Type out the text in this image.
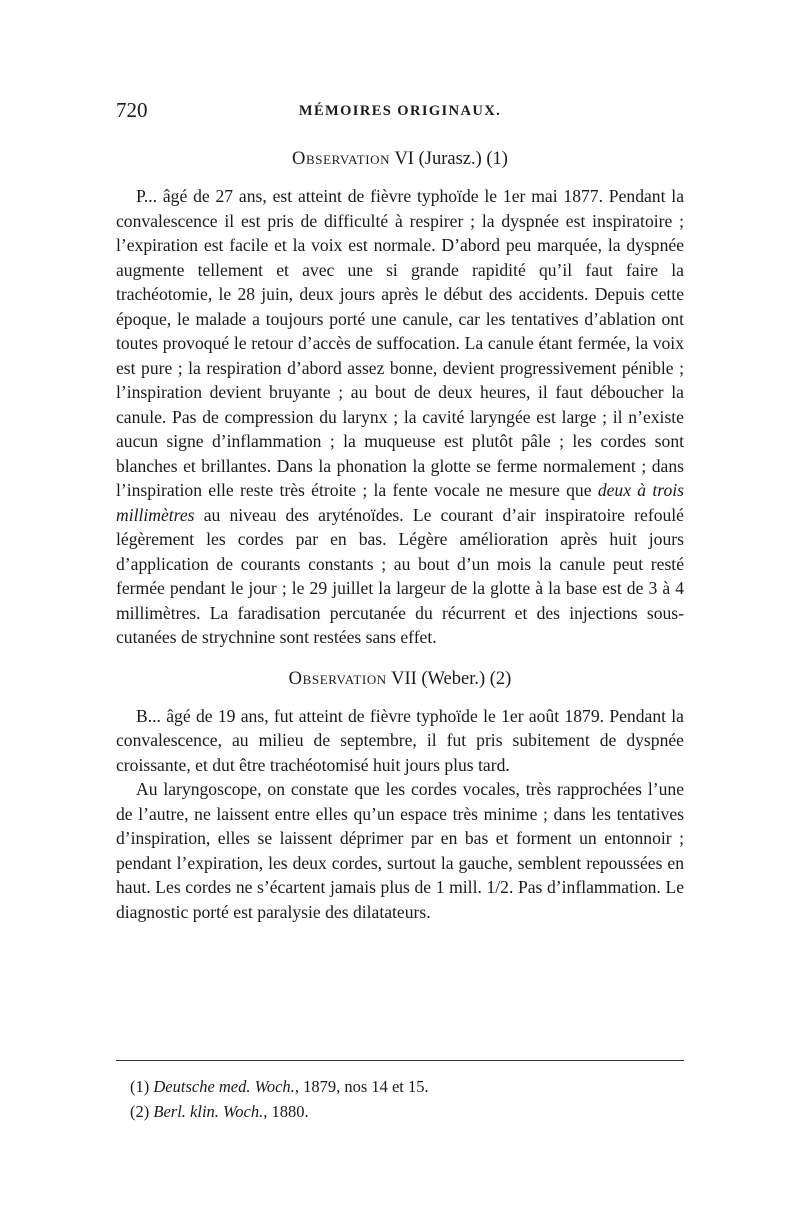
720	MÉMOIRES ORIGINAUX.
Observation VI (Jurasz.) (1)

P... âgé de 27 ans, est atteint de fièvre typhoïde le 1er mai 1877. Pendant la convalescence il est pris de difficulté à respirer ; la dyspnée est inspiratoire ; l’expiration est facile et la voix est normale. D’abord peu marquée, la dyspnée augmente tellement et avec une si grande rapidité qu’il faut faire la trachéotomie, le 28 juin, deux jours après le début des accidents. Depuis cette époque, le malade a toujours porté une canule, car les tentatives d’ablation ont toutes provoqué le retour d’accès de suffocation. La canule étant fermée, la voix est pure ; la respiration d’abord assez bonne, devient progressivement pénible ; l’inspiration devient bruyante ; au bout de deux heures, il faut déboucher la canule. Pas de compression du larynx ; la cavité laryngée est large ; il n’existe aucun signe d’inflammation ; la muqueuse est plutôt pâle ; les cordes sont blanches et brillantes. Dans la phonation la glotte se ferme normalement ; dans l’inspiration elle reste très étroite ; la fente vocale ne mesure que deux à trois millimètres au niveau des aryténoïdes. Le courant d’air inspiratoire refoulé légèrement les cordes par en bas. Légère amélioration après huit jours d’application de courants constants ; au bout d’un mois la canule peut resté fermée pendant le jour ; le 29 juillet la largeur de la glotte à la base est de 3 à 4 millimètres. La faradisation percutanée du récurrent et des injections sous-cutanées de strychnine sont restées sans effet.

Observation VII (Weber.) (2)

B... âgé de 19 ans, fut atteint de fièvre typhoïde le 1er août 1879. Pendant la convalescence, au milieu de septembre, il fut pris subitement de dyspnée croissante, et dut être trachéotomisé huit jours plus tard.

Au laryngoscope, on constate que les cordes vocales, très rapprochées l’une de l’autre, ne laissent entre elles qu’un espace très minime ; dans les tentatives d’inspiration, elles se laissent déprimer par en bas et forment un entonnoir ; pendant l’expiration, les deux cordes, surtout la gauche, semblent repoussées en haut. Les cordes ne s’écartent jamais plus de 1 mill. 1/2. Pas d’inflammation. Le diagnostic porté est paralysie des dilatateurs.

(1) Deutsche med. Woch., 1879, nos 14 et 15.

(2) Berl. klin. Woch., 1880.
